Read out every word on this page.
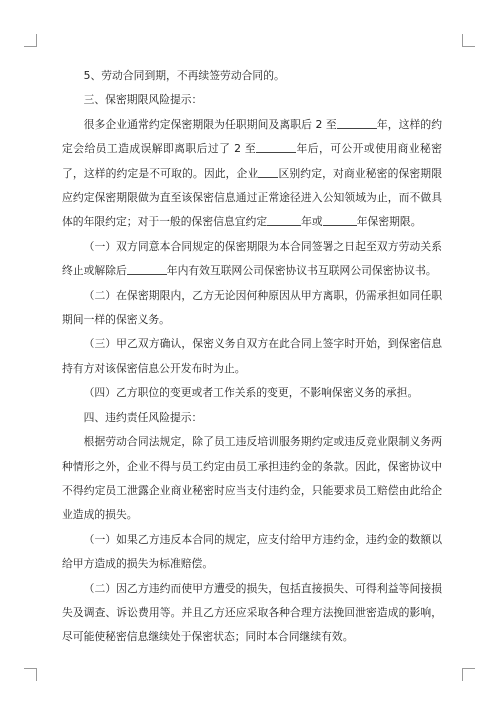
5、劳动合同到期，不再续签劳动合同的。

三、保密期限风险提示：

很多企业通常约定保密期限为任职期间及离职后 2 至	年，这样的约定会给员工造成误解即离职后过了 2 至	年后，可公开或使用商业秘密了，这样的约定是不可取的。因此，企业 区别约定，对商业秘密的保密期限应约定保密期限做为直至该保密信息通过正常途径进入公知领域为止，而不做具体的年限约定；对于一般的保密信息宜约定	年或	年保密期限。

（一）双方同意本合同规定的保密期限为本合同签署之日起至双方劳动关系终止或解除后	年内有效互联网公司保密协议书互联网公司保密协议书。

（二）在保密期限内，乙方无论因何种原因从甲方离职，仍需承担如同任职期间一样的保密义务。

（三）甲乙双方确认，保密义务自双方在此合同上签字时开始，到保密信息持有方对该保密信息公开发布时为止。

（四）乙方职位的变更或者工作关系的变更，不影响保密义务的承担。

四、违约责任风险提示：

根据劳动合同法规定，除了员工违反培训服务期约定或违反竞业限制义务两种情形之外，企业不得与员工约定由员工承担违约金的条款。因此，保密协议中不得约定员工泄露企业商业秘密时应当支付违约金，只能要求员工赔偿由此给企业造成的损失。

（一）如果乙方违反本合同的规定，应支付给甲方违约金，违约金的数额以给甲方造成的损失为标准赔偿。

（二）因乙方违约而使甲方遭受的损失，包括直接损失、可得利益等间接损失及调查、诉讼费用等。并且乙方还应采取各种合理方法挽回泄密造成的影响，尽可能使秘密信息继续处于保密状态；同时本合同继续有效。
